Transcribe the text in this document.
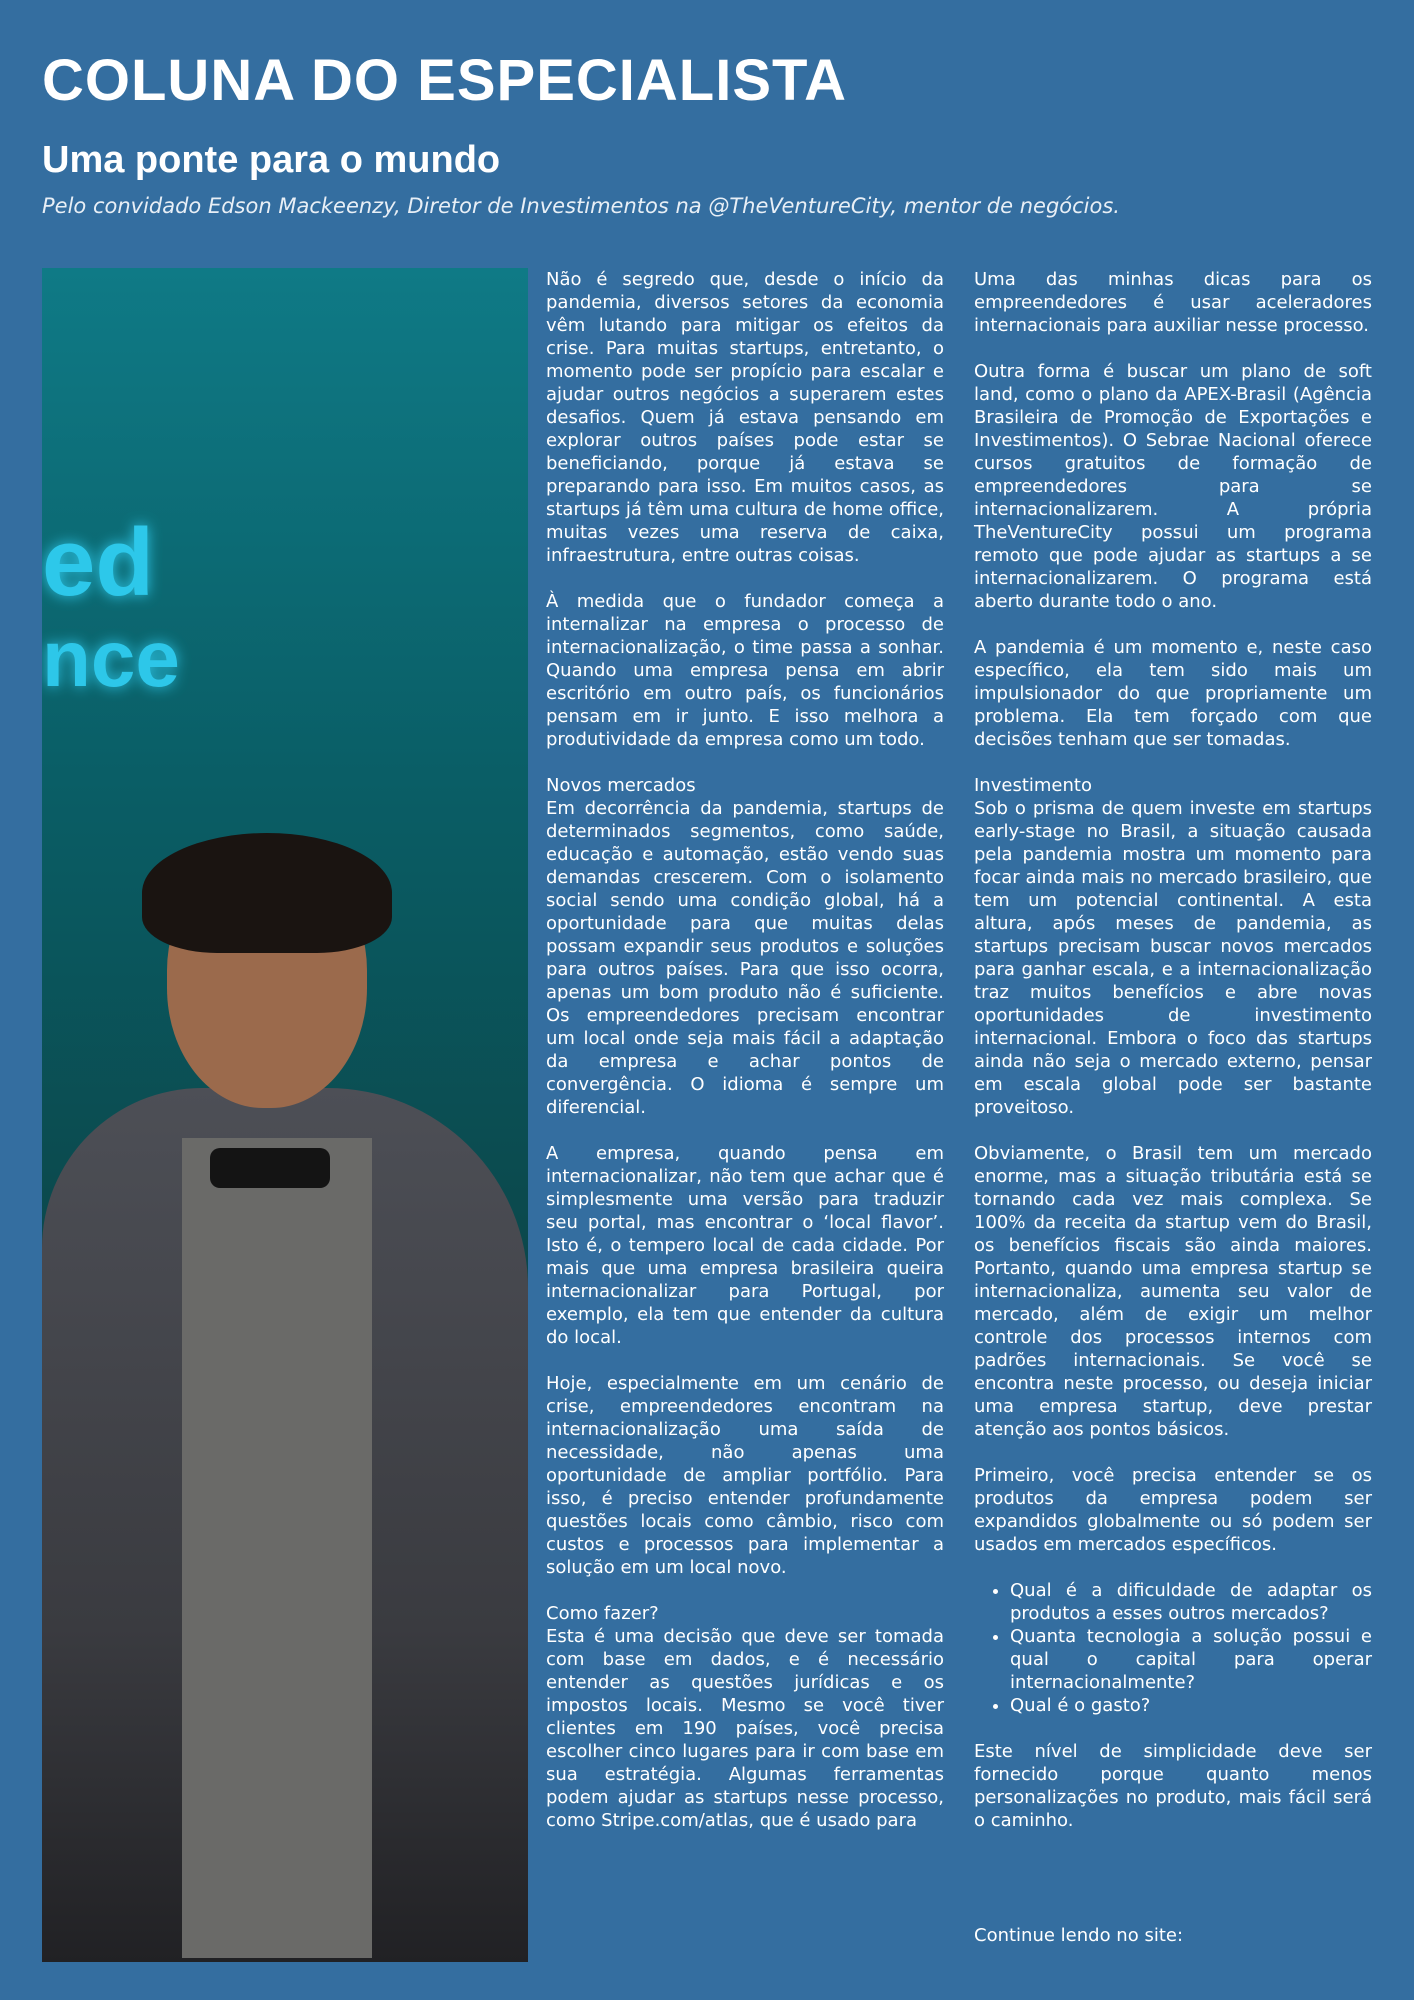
COLUNA DO ESPECIALISTA
Uma ponte para o mundo

Pelo convidado Edson Mackeenzy, Diretor de Investimentos na @TheVentureCity, mentor de negócios.

ed
nce

Não é segredo que, desde o início da pandemia, diversos setores da economia vêm lutando para mitigar os efeitos da crise. Para muitas startups, entretanto, o momento pode ser propício para escalar e ajudar outros negócios a superarem estes desafios. Quem já estava pensando em explorar outros países pode estar se beneficiando, porque já estava se preparando para isso. Em muitos casos, as startups já têm uma cultura de home office, muitas vezes uma reserva de caixa, infraestrutura, entre outras coisas.

À medida que o fundador começa a internalizar na empresa o processo de internacionalização, o time passa a sonhar. Quando uma empresa pensa em abrir escritório em outro país, os funcionários pensam em ir junto. E isso melhora a produtividade da empresa como um todo.

Novos mercados

Em decorrência da pandemia, startups de determinados segmentos, como saúde, educação e automação, estão vendo suas demandas crescerem. Com o isolamento social sendo uma condição global, há a oportunidade para que muitas delas possam expandir seus produtos e soluções para outros países. Para que isso ocorra, apenas um bom produto não é suficiente. Os empreendedores precisam encontrar um local onde seja mais fácil a adaptação da empresa e achar pontos de convergência. O idioma é sempre um diferencial.

A empresa, quando pensa em internacionalizar, não tem que achar que é simplesmente uma versão para traduzir seu portal, mas encontrar o ‘local flavor’. Isto é, o tempero local de cada cidade. Por mais que uma empresa brasileira queira internacionalizar para Portugal, por exemplo, ela tem que entender da cultura do local.

Hoje, especialmente em um cenário de crise, empreendedores encontram na internacionalização uma saída de necessidade, não apenas uma oportunidade de ampliar portfólio. Para isso, é preciso entender profundamente questões locais como câmbio, risco com custos e processos para implementar a solução em um local novo.

Como fazer?

Esta é uma decisão que deve ser tomada com base em dados, e é necessário entender as questões jurídicas e os impostos locais. Mesmo se você tiver clientes em 190 países, você precisa escolher cinco lugares para ir com base em sua estratégia. Algumas ferramentas podem ajudar as startups nesse processo, como Stripe.com/atlas, que é usado para

Uma das minhas dicas para os empreendedores é usar aceleradores internacionais para auxiliar nesse processo.

Outra forma é buscar um plano de soft land, como o plano da APEX-Brasil (Agência Brasileira de Promoção de Exportações e Investimentos). O Sebrae Nacional oferece cursos gratuitos de formação de empreendedores para se internacionalizarem. A própria TheVentureCity possui um programa remoto que pode ajudar as startups a se internacionalizarem. O programa está aberto durante todo o ano.

A pandemia é um momento e, neste caso específico, ela tem sido mais um impulsionador do que propriamente um problema. Ela tem forçado com que decisões tenham que ser tomadas.

Investimento

Sob o prisma de quem investe em startups early-stage no Brasil, a situação causada pela pandemia mostra um momento para focar ainda mais no mercado brasileiro, que tem um potencial continental. A esta altura, após meses de pandemia, as startups precisam buscar novos mercados para ganhar escala, e a internacionalização traz muitos benefícios e abre novas oportunidades de investimento internacional. Embora o foco das startups ainda não seja o mercado externo, pensar em escala global pode ser bastante proveitoso.

Obviamente, o Brasil tem um mercado enorme, mas a situação tributária está se tornando cada vez mais complexa. Se 100% da receita da startup vem do Brasil, os benefícios fiscais são ainda maiores. Portanto, quando uma empresa startup se internacionaliza, aumenta seu valor de mercado, além de exigir um melhor controle dos processos internos com padrões internacionais. Se você se encontra neste processo, ou deseja iniciar uma empresa startup, deve prestar atenção aos pontos básicos.

Primeiro, você precisa entender se os produtos da empresa podem ser expandidos globalmente ou só podem ser usados em mercados específicos.

• Qual é a dificuldade de adaptar os produtos a esses outros mercados?
• Quanta tecnologia a solução possui e qual o capital para operar internacionalmente?
• Qual é o gasto?

Este nível de simplicidade deve ser fornecido porque quanto menos personalizações no produto, mais fácil será o caminho.

Continue lendo no site:
